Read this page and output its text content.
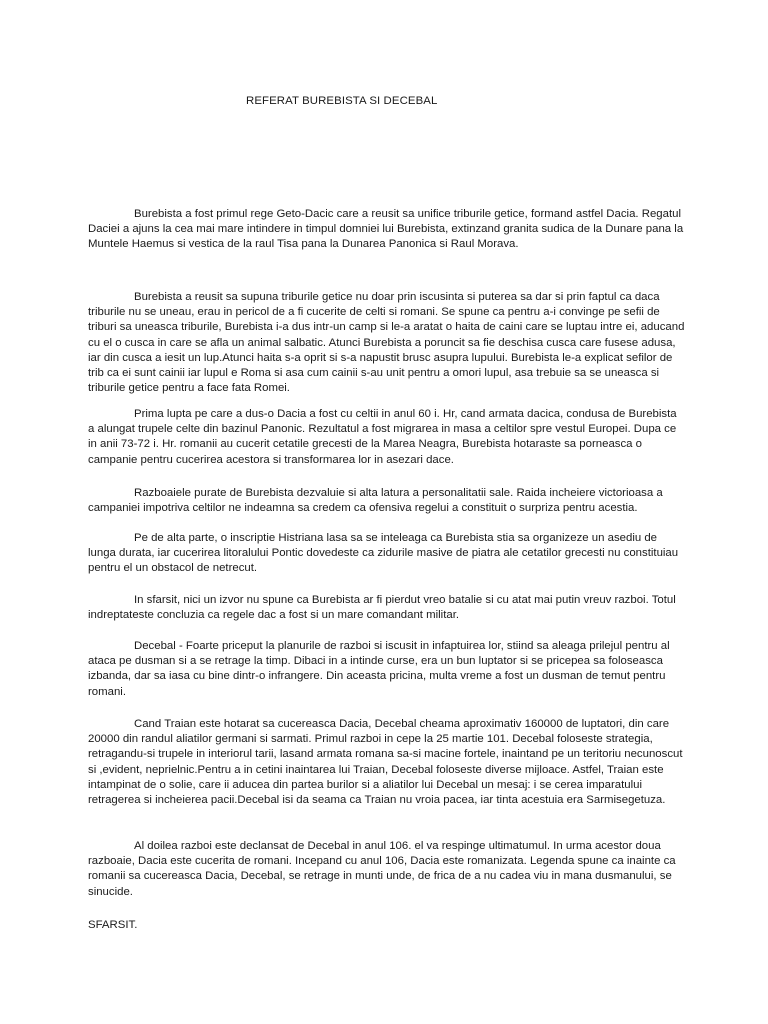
REFERAT BUREBISTA SI DECEBAL

Burebista a fost primul rege Geto-Dacic care a reusit sa unifice triburile getice, formand astfel Dacia. Regatul Daciei a ajuns la cea mai mare intindere in timpul domniei lui Burebista, extinzand granita sudica de la Dunare pana la Muntele Haemus si vestica de la raul Tisa pana la Dunarea Panonica si Raul Morava.

Burebista a reusit sa supuna triburile getice nu doar prin iscusinta si puterea sa dar si prin faptul ca daca triburile nu se uneau, erau in pericol de a fi cucerite de celti si romani. Se spune ca pentru a-i convinge pe sefii de triburi sa uneasca triburile, Burebista i-a dus intr-un camp si le-a aratat o haita de caini care se luptau intre ei, aducand cu el o cusca in care se afla un animal salbatic. Atunci Burebista a poruncit sa fie deschisa cusca care fusese adusa, iar din cusca a iesit un lup.Atunci haita s-a oprit si s-a napustit brusc asupra lupului. Burebista le-a explicat sefilor de trib ca ei sunt cainii iar lupul e Roma si asa cum cainii s-au unit pentru a omori lupul, asa trebuie sa se uneasca si triburile getice pentru a face fata Romei.

Prima lupta pe care a dus-o Dacia a fost cu celtii in anul 60 i. Hr, cand armata dacica, condusa de Burebista a alungat trupele celte din bazinul Panonic. Rezultatul a fost migrarea in masa a celtilor spre vestul Europei. Dupa ce in anii 73-72 i. Hr. romanii au cucerit cetatile grecesti de la Marea Neagra, Burebista hotaraste sa porneasca o campanie pentru cucerirea acestora si transformarea lor in asezari dace.

Razboaiele purate de Burebista dezvaluie si alta latura a personalitatii sale. Raida incheiere victorioasa a campaniei impotriva celtilor ne indeamna sa credem ca ofensiva regelui a constituit o surpriza pentru acestia.

Pe de alta parte, o inscriptie Histriana lasa sa se inteleaga ca Burebista stia sa organizeze un asediu de lunga durata, iar cucerirea litoralului Pontic dovedeste ca zidurile masive de piatra ale cetatilor grecesti nu constituiau pentru el un obstacol de netrecut.

In sfarsit, nici un izvor nu spune ca Burebista ar fi pierdut vreo batalie si cu atat mai putin vreuv razboi. Totul indreptateste concluzia ca regele dac a fost si un mare comandant militar.

Decebal - Foarte priceput la planurile de razboi si iscusit in infaptuirea lor, stiind sa aleaga prilejul pentru al ataca pe dusman si a se retrage la timp. Dibaci in a intinde curse, era un bun luptator si se pricepea sa foloseasca izbanda, dar sa iasa cu bine dintr-o infrangere. Din aceasta pricina, multa vreme a fost un dusman de temut pentru romani.

Cand Traian este hotarat sa cucereasca Dacia, Decebal cheama aproximativ 160000 de luptatori, din care 20000 din randul aliatilor germani si sarmati. Primul razboi in cepe la 25 martie 101. Decebal foloseste strategia, retragandu-si trupele in interiorul tarii, lasand armata romana sa-si macine fortele, inaintand pe un teritoriu necunoscut si ,evident, neprielnic.Pentru a in cetini inaintarea lui Traian, Decebal foloseste diverse mijloace. Astfel, Traian este intampinat de o solie, care ii aducea din partea burilor si a aliatilor lui Decebal un mesaj: i se cerea imparatului retragerea si incheierea pacii.Decebal isi da seama ca Traian nu vroia pacea, iar tinta acestuia era Sarmisegetuza.

Al doilea razboi este declansat de Decebal in anul 106. el va respinge ultimatumul. In urma acestor doua razboaie, Dacia este cucerita de romani. Incepand cu anul 106, Dacia este romanizata. Legenda spune ca inainte ca romanii sa cucereasca Dacia, Decebal, se retrage in munti unde, de frica de a nu cadea viu in mana dusmanului, se sinucide.

SFARSIT.
